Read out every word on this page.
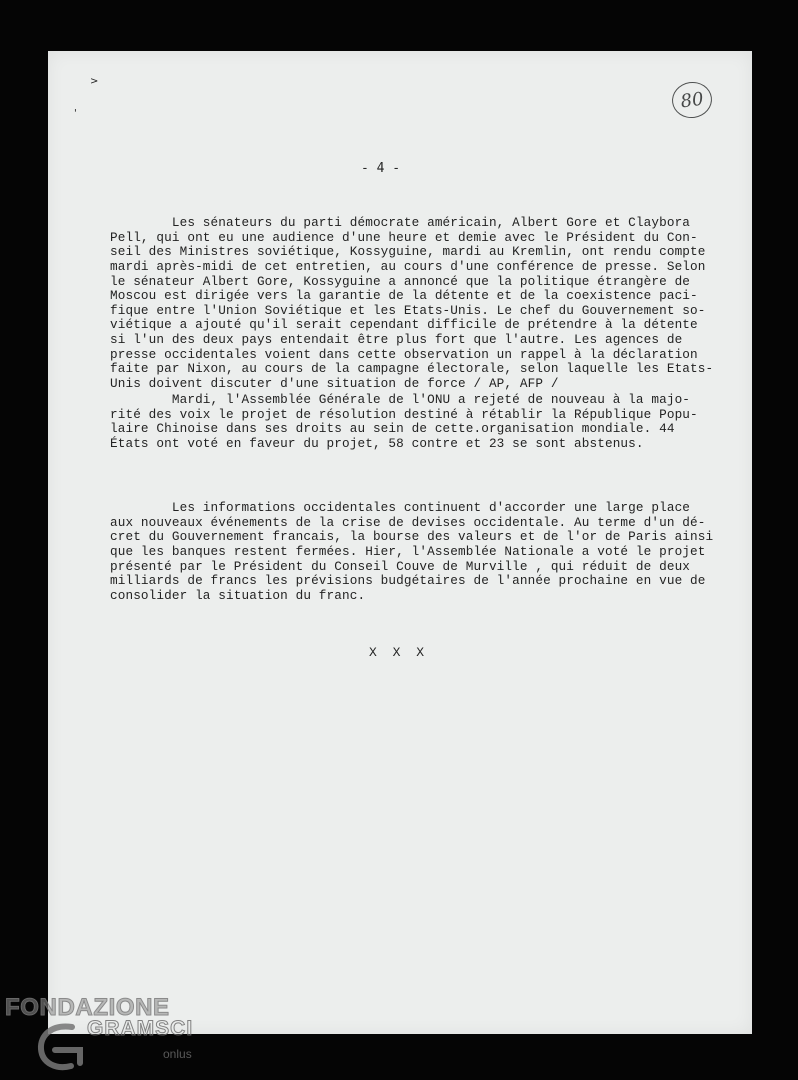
>
'
80
- 4 -
Les sénateurs du parti démocrate américain, Albert Gore et Claybora
Pell, qui ont eu une audience d'une heure et demie avec le Président du Con-
seil des Ministres soviétique, Kossyguine, mardi au Kremlin, ont rendu compte
mardi après-midi de cet entretien, au cours d'une conférence de presse. Selon
le sénateur Albert Gore, Kossyguine a annoncé que la politique étrangère de
Moscou est dirigée vers la garantie de la détente et de la coexistence paci-
fique entre l'Union Soviétique et les Etats-Unis. Le chef du Gouvernement so-
viétique a ajouté qu'il serait cependant difficile de prétendre à la détente
si l'un des deux pays entendait être plus fort que l'autre. Les agences de
presse occidentales voient dans cette observation un rappel à la déclaration
faite par Nixon, au cours de la campagne électorale, selon laquelle les Etats-
Unis doivent discuter d'une situation de force / AP, AFP /
Mardi, l'Assemblée Générale de l'ONU a rejeté de nouveau à la majo-
rité des voix le projet de résolution destiné à rétablir la République Popu-
laire Chinoise dans ses droits au sein de cette.organisation mondiale. 44
États ont voté en faveur du projet, 58 contre et 23 se sont abstenus.
Les informations occidentales continuent d'accorder une large place
aux nouveaux événements de la crise de devises occidentale. Au terme d'un dé-
cret du Gouvernement francais, la bourse des valeurs et de l'or de Paris ainsi
que les banques restent fermées. Hier, l'Assemblée Nationale a voté le projet
présenté par le Président du Conseil Couve de Murville , qui réduit de deux
milliards de francs les prévisions budgétaires de l'année prochaine en vue de
consolider la situation du franc.
X X X
FONDAZIONE
GRAMSCI
onlus
